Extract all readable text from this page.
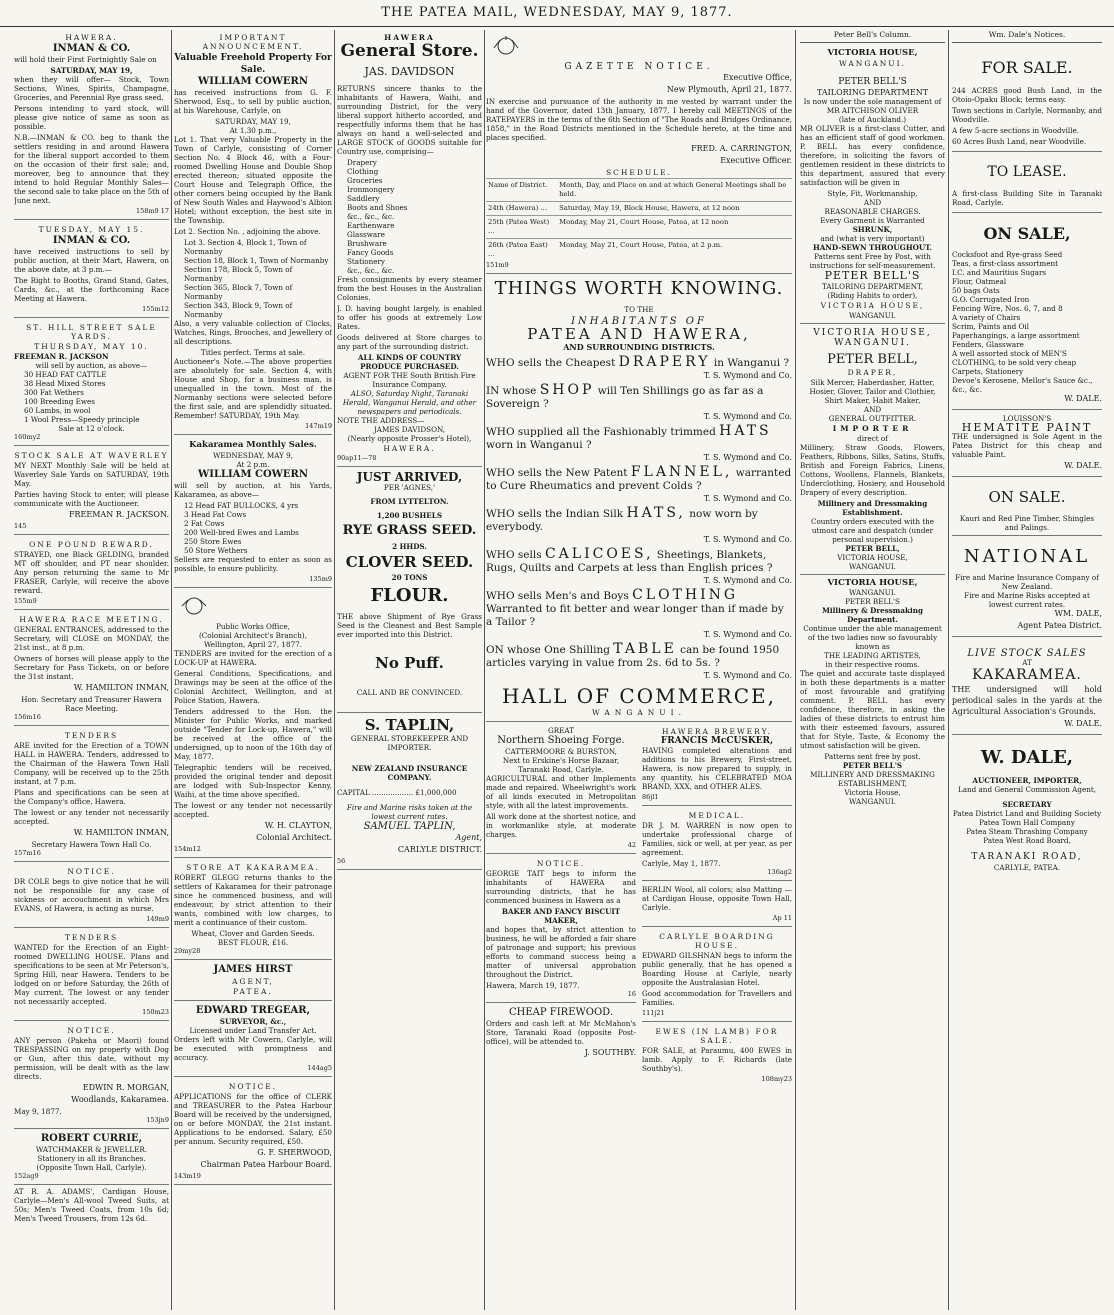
THE PATEA MAIL, WEDNESDAY, MAY 9, 1877.
HAWERA.
INMAN & CO.

will hold their First Fortnightly Sale on

SATURDAY, MAY 19,

when they will offer— Stock, Town Sections, Wines, Spirits, Champagne, Groceries, and Perennial Rye grass seed.

Persons intending to yard stock, will please give notice of same as soon as possible.

N.B.—INMAN & CO. beg to thank the settlers residing in and around Hawera for the liberal support accorded to them on the occasion of their first sale; and, moreover, beg to announce that they intend to hold Regular Monthly Sales—the second sale to take place on the 5th of June next.

158m9 17
TUESDAY, MAY 15.
INMAN & CO.

have received instructions to sell by public auction, at their Mart, Hawera, on the above date, at 3 p.m.—

The Right to Booths, Grand Stand, Gates, Cards, &c., at the forthcoming Race Meeting at Hawera.

155m12
ST. HILL STREET SALE YARDS.
THURSDAY, MAY 10.
FREEMAN R. JACKSON
will sell by auction, as above—
30 HEAD FAT CATTLE
38 Head Mixed Stores
300 Fat Wethers
100 Breeding Ewes
60 Lambs, in wool
1 Wool Press—Speedy principle
Sale at 12 o'clock.
160my2
STOCK SALE AT WAVERLEY

MY NEXT Monthly Sale will be held at Waverley Sale Yards on SATURDAY, 19th May.

Parties having Stock to enter, will please communicate with the Auctioneer.

FREEMAN R. JACKSON.
145
ONE POUND REWARD.

STRAYED, one Black GELDING, branded MT off shoulder, and PT near shoulder. Any person returning the same to Mr FRASER, Carlyle, will receive the above reward.

155m9
HAWERA RACE MEETING.

GENERAL ENTRANCES, addressed to the Secretary, will CLOSE on MONDAY, the 21st inst., at 8 p.m.

Owners of horses will please apply to the Secretary for Pass Tickets, on or before the 31st instant.

W. HAMILTON INMAN,
Hon. Secretary and Treasurer Hawera Race Meeting.
156m16
TENDERS

ARE invited for the Erection of a TOWN HALL in HAWERA. Tenders, addressed to the Chairman of the Hawera Town Hall Company, will be received up to the 25th instant, at 7 p.m.

Plans and specifications can be seen at the Company's office, Hawera.

The lowest or any tender not necessarily accepted.

W. HAMILTON INMAN,
Secretary Hawera Town Hall Co.
157m16
NOTICE.

DR COLE begs to give notice that he will not be responsible for any case of sickness or accouchment in which Mrs EVANS, of Hawera, is acting as nurse.

149m9
TENDERS

WANTED for the Erection of an Eight-roomed DWELLING HOUSE. Plans and specifications to be seen at Mr Peterson's, Spring Hill, near Hawera. Tenders to be lodged on or before Saturday, the 26th of May current. The lowest or any tender not necessarily accepted.

150m23
NOTICE.

ANY person (Pakeha or Maori) found TRESPASSING on my property with Dog or Gun, after this date, without my permission, will be dealt with as the law directs.

EDWIN R. MORGAN,
Woodlands, Kakaramea.
May 9, 1877.
153jn9
ROBERT CURRIE,
WATCHMAKER & JEWELLER.
Stationery in all its Branches.
(Opposite Town Hall, Carlyle).
152ag9

AT R. A. ADAMS', Cardigan House, Carlyle—Men's All-wool Tweed Suits, at 50s; Men's Tweed Coats, from 10s 6d; Men's Tweed Trousers, from 12s 6d.

IMPORTANT ANNOUNCEMENT.
Valuable Freehold Property For Sale.
WILLIAM COWERN

has received instructions from G. F. Sherwood, Esq., to sell by public auction, at his Warehouse, Carlyle, on

SATURDAY, MAY 19,
At 1.30 p.m.,

Lot 1. That very Valuable Property in the Town of Carlyle, consisting of Corner Section No. 4 Block 46, with a Four-roomed Dwelling House and Double Shop erected thereon; situated opposite the Court House and Telegraph Office, the other corners being occupied by the Bank of New South Wales and Haywood's Albion Hotel; without exception, the best site in the Township.

Lot 2. Section No. , adjoining the above.

Lot 3. Section 4, Block 1, Town of Normanby
Section 18, Block 1, Town of Normanby
Section 178, Block 5, Town of Normanby
Section 365, Block 7, Town of Normanby
Section 343, Block 9, Town of Normanby

Also, a very valuable collection of Clocks, Watches, Rings, Brooches, and Jewellery of all descriptions.

Titles perfect. Terms at sale.

Auctioneer's Note.—The above properties are absolutely for sale. Section 4, with House and Shop, for a business man, is unequalled in the town. Most of the Normanby sections were selected before the first sale, and are splendidly situated. Remember! SATURDAY, 19th May.

147m19
Kakaramea Monthly Sales.
WEDNESDAY, MAY 9,
At 2 p.m.
WILLIAM COWERN

will sell by auction, at his Yards, Kakaramea, as above—

12 Head FAT BULLOCKS, 4 yrs
3 Head Fat Cows
2 Fat Cows
200 Well-bred Ewes and Lambs
250 Store Ewes
50 Store Wethers

Sellers are requested to enter as soon as possible, to ensure publicity.

135m9
Public Works Office,
(Colonial Architect's Branch),
Wellington, April 27, 1877.

TENDERS are invited for the erection of a LOCK-UP at HAWERA.

General Conditions, Specifications, and Drawings may be seen at the office of the Colonial Architect, Wellington, and at Police Station, Hawera.

Tenders addressed to the Hon. the Minister for Public Works, and marked outside "Tender for Lock-up, Hawera," will be received at the office of the undersigned, up to noon of the 16th day of May, 1877.

Telegraphic tenders will be received, provided the original tender and deposit are lodged with Sub-Inspector Kenny, Waihi, at the time above specified.

The lowest or any tender not necessarily accepted.

W. H. CLAYTON,
Colonial Architect.
154m12
STORE AT KAKARAMEA.

ROBERT GLEGG returns thanks to the settlers of Kakaramea for their patronage since he commenced business, and will endeavour, by strict attention to their wants, combined with low charges, to merit a continuance of their custom.

Wheat, Clover and Garden Seeds.
BEST FLOUR, £16.
29my28
JAMES HIRST
AGENT,
PATEA.
EDWARD TREGEAR,
SURVEYOR, &c.,
Licensed under Land Transfer Act.

Orders left with Mr Cowern, Carlyle, will be executed with promptness and accuracy.

144ag5
NOTICE.

APPLICATIONS for the office of CLERK and TREASURER to the Patea Harbour Board will be received by the undersigned, on or before MONDAY, the 21st instant. Applications to be endorsed. Salary, £50 per annum. Security required, £50.

G. F. SHERWOOD,
Chairman Patea Harbour Board.
143m19
HAWERA
General Store.
JAS. DAVIDSON

RETURNS sincere thanks to the inhabitants of Hawera, Waihi, and surrounding District, for the very liberal support hitherto accorded, and respectfully informs them that he has always on hand a well-selected and LARGE STOCK of GOODS suitable for Country use, comprising—

Drapery
Clothing
Groceries
Ironmongery
Saddlery
Boots and Shoes
&c., &c., &c.
Earthenware
Glassware
Brushware
Fancy Goods
Stationery
&c., &c., &c.

Fresh consignments by every steamer from the best Houses in the Australian Colonies.

J. D. having bought largely, is enabled to offer his goods at extremely Low Rates.

Goods delivered at Store charges to any part of the surrounding district.

ALL KINDS OF COUNTRY PRODUCE PURCHASED.
AGENT FOR THE South British Fire Insurance Company.
ALSO, Saturday Night, Taranaki Herald, Wanganui Herald, and other newspapers and periodicals.
NOTE THE ADDRESS—
JAMES DAVIDSON,
(Nearly opposite Prosser's Hotel),
HAWERA.
90ap11—78
JUST ARRIVED,
PER 'AGNES,'
FROM LYTTELTON.
1,200 BUSHELS
RYE GRASS SEED.
2 HHDS.
CLOVER SEED.
20 TONS
FLOUR.

THE above Shipment of Rye Grass Seed is the Cleanest and Best Sample ever imported into this District.

No Puff.
CALL AND BE CONVINCED.
S. TAPLIN,
GENERAL STOREKEEPER AND IMPORTER.
NEW ZEALAND INSURANCE COMPANY.
CAPITAL .................. £1,000,000
Fire and Marine risks taken at the lowest current rates.
SAMUEL TAPLIN,
Agent,
CARLYLE DISTRICT.
56
GAZETTE NOTICE.
Executive Office,
New Plymouth, April 21, 1877.

IN exercise and pursuance of the authority in me vested by warrant under the hand of the Governor, dated 13th January, 1877, I hereby call MEETINGS of the RATEPAYERS in the terms of the 6th Section of "The Roads and Bridges Ordinance, 1858," in the Road Districts mentioned in the Schedule hereto, at the time and places specified.

FRED. A. CARRINGTON,
Executive Officer.
SCHEDULE.
Name of District.	Month, Day, and Place on and at which General Meetings shall be held.
24th (Hawera) ...	Saturday, May 19, Block House, Hawera, at 12 noon
25th (Patea West) ...	Monday, May 21, Court House, Patea, at 12 noon
26th (Patea East) ...	Monday, May 21, Court House, Patea, at 2 p.m.
151m9
THINGS WORTH KNOWING.
TO THE
INHABITANTS OF
PATEA AND HAWERA,
AND SURROUNDING DISTRICTS.
WHO sells the Cheapest DRAPERY in Wanganui ?
T. S. Wymond and Co.
IN whose SHOP will Ten Shillings go as far as a Sovereign ?
T. S. Wymond and Co.
WHO supplied all the Fashionably trimmed HATS worn in Wanganui ?
T. S. Wymond and Co.
WHO sells the New Patent FLANNEL, warranted to Cure Rheumatics and prevent Colds ?
T. S. Wymond and Co.
WHO sells the Indian Silk HATS, now worn by everybody.
T. S. Wymond and Co.
WHO sells CALICOES, Sheetings, Blankets, Rugs, Quilts and Carpets at less than English prices ?
T. S. Wymond and Co.
WHO sells Men's and Boys CLOTHING Warranted to fit better and wear longer than if made by a Tailor ?
T. S. Wymond and Co.
ON whose One Shilling TABLE can be found 1950 articles varying in value from 2s. 6d to 5s. ?
T. S. Wymond and Co.
HALL OF COMMERCE,
WANGANUI.
GREAT
Northern Shoeing Forge.
CATTERMOORE & BURSTON,
Next to Erskine's Horse Bazaar, Taranaki Road, Carlyle.

AGRICULTURAL and other Implements made and repaired. Wheelwright's work of all kinds executed in Metropolitan style, with all the latest improvements.

All work done at the shortest notice, and in workmanlike style, at moderate charges.

42
NOTICE.

GEORGE TAIT begs to inform the inhabitants of HAWERA and surrounding districts, that he has commenced business in Hawera as a

BAKER AND FANCY BISCUIT MAKER,

and hopes that, by strict attention to business, he will be afforded a fair share of patronage and support; his previous efforts to command success being a matter of universal approbation throughout the District.

Hawera, March 19, 1877.
16
CHEAP FIREWOOD.

Orders and cash left at Mr McMahon's Store, Taranaki Road (opposite Post-office), will be attended to.

J. SOUTHBY.
HAWERA BREWERY.
FRANCIS McCUSKER,

HAVING completed alterations and additions to his Brewery, First-street, Hawera, is now prepared to supply, in any quantity, his CELEBRATED MOA BRAND, XXX, and OTHER ALES.

86jl1
MEDICAL.

DR J. M. WARREN is now open to undertake professional charge of Families, sick or well, at per year, as per agreement.

Carlyle, May 1, 1877.
136ag2

BERLIN Wool, all colors; also Matting —at Cardigan House, opposite Town Hall, Carlyle.

Ap 11
CARLYLE BOARDING HOUSE.

EDWARD GILSHNAN begs to inform the public generally, that he has opened a Boarding House at Carlyle, nearly opposite the Australasian Hotel.

Good accommodation for Travellers and Families.

111j21
EWES (IN LAMB) FOR SALE.

FOR SALE, at Paraumu, 400 EWES in lamb. Apply to F. Richards (late Southby's).

108my23
Peter Bell's Column.
VICTORIA HOUSE,
WANGANUI.
PETER BELL'S
TAILORING DEPARTMENT
Is now under the sole management of
MR AITCHISON OLIVER
(late of Auckland.)

MR OLIVER is a first-class Cutter, and has an efficient staff of good workmen. P. BELL has every confidence, therefore, in soliciting the favors of gentlemen resident in these districts to this department, assured that every satisfaction will be given in

Style, Fit, Workmanship,
AND
REASONABLE CHARGES.
Every Garment is Warranted
SHRUNK,
and (what is very important)
HAND-SEWN THROUGHOUT.
Patterns sent Free by Post, with instructions for self-measurement.
PETER BELL'S
TAILORING DEPARTMENT,
(Riding Habits to order),
VICTORIA HOUSE,
WANGANUI.
VICTORIA HOUSE,
WANGANUI.
PETER BELL,
DRAPER,
Silk Mercer, Haberdasher, Hatter, Hosier, Glover, Tailor and Clothier, Shirt Maker, Habit Maker,
AND
GENERAL OUTFITTER.
IMPORTER
direct of

Millinery, Straw Goods, Flowers, Feathers, Ribbons, Silks, Satins, Stuffs, British and Foreign Fabrics, Linens, Cottons, Woollens, Flannels, Blankets, Underclothing, Hosiery, and Household Drapery of every description.

Millinery and Dressmaking Establishment.
Country orders executed with the utmost care and despatch (under personal supervision.)
PETER BELL,
VICTORIA HOUSE,
WANGANUI.
VICTORIA HOUSE,
WANGANUI.
PETER BELL'S
Millinery & Dressmaking Department.
Continue under the able management of the two ladies now so favourably known as
THE LEADING ARTISTES,
in their respective rooms.

The quiet and accurate taste displayed in both these departments is a matter of most favourable and gratifying comment. P. BELL has every confidence, therefore, in asking the ladies of these districts to entrust him with their esteemed favours, assured that for Style, Taste, & Economy the utmost satisfaction will be given.

Patterns sent free by post.
PETER BELL'S
MILLINERY AND DRESSMAKING ESTABLISHMENT,
Victoria House,
WANGANUI.
Wm. Dale's Notices.
FOR SALE.

244 ACRES good Bush Land, in the Otoio-Opaku Block; terms easy.

Town sections in Carlyle, Normanby, and Woodville.

A few 5-acre sections in Woodville.

60 Acres Bush Land, near Woodville.

TO LEASE.

A first-class Building Site in Taranaki Road, Carlyle.

ON SALE,
Cocksfoot and Rye-grass Seed
Teas, a first-class assortment
I.C. and Mauritius Sugars
Flour, Oatmeal
50 bags Oats
G.O. Corrugated Iron
Fencing Wire, Nos. 6, 7, and 8
A variety of Chairs
Scrim, Paints and Oil
Paperhangings, a large assortment
Fenders, Glassware
A well assorted stock of MEN'S CLOTHING, to be sold very cheap
Carpets, Stationery
Devoe's Kerosene, Mellor's Sauce &c., &c., &c.
W. DALE.
LOUISSON'S
HEMATITE PAINT

THE undersigned is Sole Agent in the Patea District for this cheap and valuable Paint.

W. DALE.
ON SALE.
Kauri and Red Pine Timber, Shingles and Palings.
NATIONAL
Fire and Marine Insurance Company of New Zealand.
Fire and Marine Risks accepted at lowest current rates.
WM. DALE,
Agent Patea District.
LIVE STOCK SALES
AT
KAKARAMEA.

THE undersigned will hold periodical sales in the yards at the Agricultural Association's Grounds.

W. DALE.
W. DALE,
AUCTIONEER, IMPORTER,
Land and General Commission Agent,
SECRETARY
Patea District Land and Building Society
Patea Town Hall Company
Patea Steam Thrashing Company
Patea West Road Board,
TARANAKI ROAD,
CARLYLE, PATEA.
